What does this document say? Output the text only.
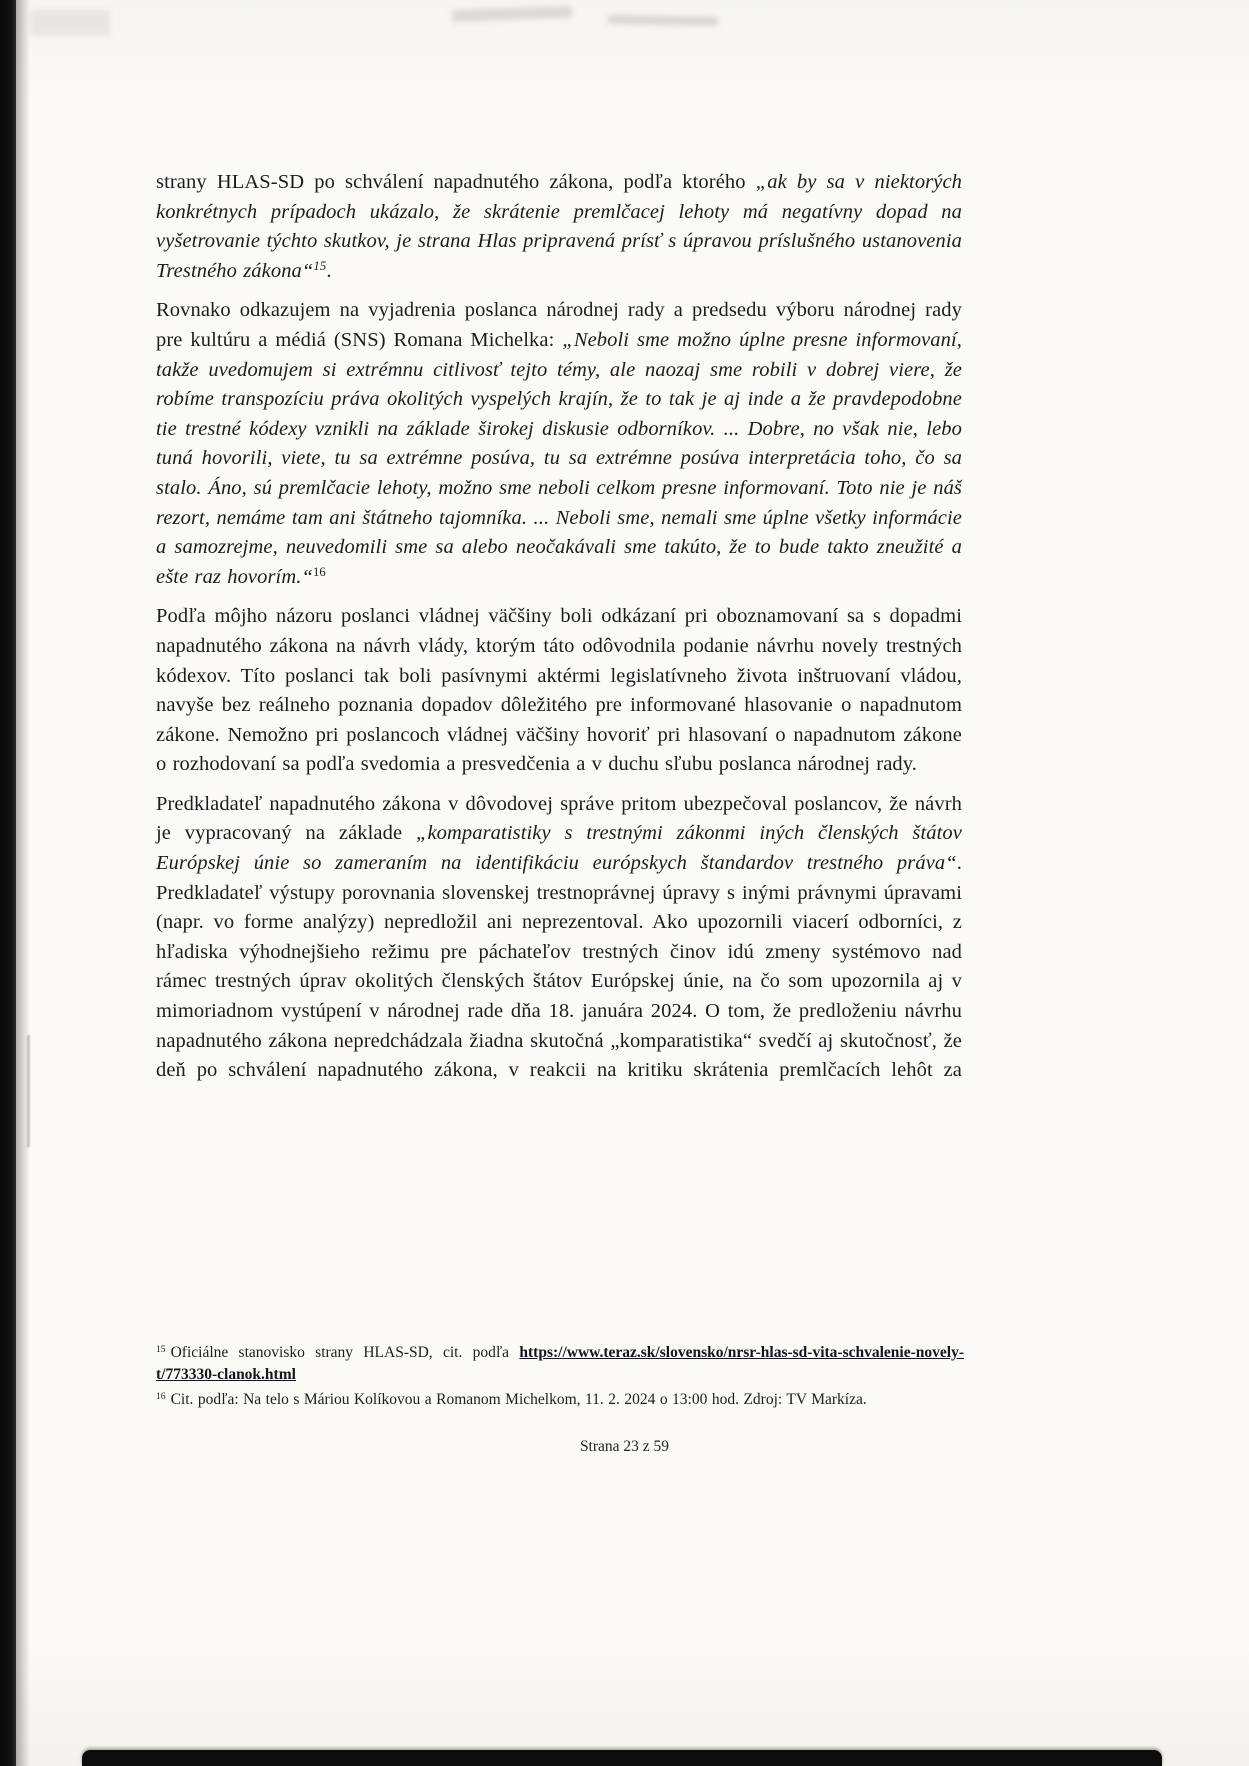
strany HLAS-SD po schválení napadnutého zákona, podľa ktorého „ak by sa v niektorých konkrétnych prípadoch ukázalo, že skrátenie premlčacej lehoty má negatívny dopad na vyšetrovanie týchto skutkov, je strana Hlas pripravená prísť s úpravou príslušného ustanovenia Trestného zákona“$^{15}$.

Rovnako odkazujem na vyjadrenia poslanca národnej rady a predsedu výboru národnej rady pre kultúru a médiá (SNS) Romana Michelka: „Neboli sme možno úplne presne informovaní, takže uvedomujem si extrémnu citlivosť tejto témy, ale naozaj sme robili v dobrej viere, že robíme transpozíciu práva okolitých vyspelých krajín, že to tak je aj inde a že pravdepodobne tie trestné kódexy vznikli na základe širokej diskusie odborníkov. ... Dobre, no však nie, lebo tuná hovorili, viete, tu sa extrémne posúva, tu sa extrémne posúva interpretácia toho, čo sa stalo. Áno, sú premlčacie lehoty, možno sme neboli celkom presne informovaní. Toto nie je náš rezort, nemáme tam ani štátneho tajomníka. ... Neboli sme, nemali sme úplne všetky informácie a samozrejme, neuvedomili sme sa alebo neočakávali sme takúto, že to bude takto zneužité a ešte raz hovorím.“$^{16}$

Podľa môjho názoru poslanci vládnej väčšiny boli odkázaní pri oboznamovaní sa s dopadmi napadnutého zákona na návrh vlády, ktorým táto odôvodnila podanie návrhu novely trestných kódexov. Títo poslanci tak boli pasívnymi aktérmi legislatívneho života inštruovaní vládou, navyše bez reálneho poznania dopadov dôležitého pre informované hlasovanie o napadnutom zákone. Nemožno pri poslancoch vládnej väčšiny hovoriť pri hlasovaní o napadnutom zákone o rozhodovaní sa podľa svedomia a presvedčenia a v duchu sľubu poslanca národnej rady.

Predkladateľ napadnutého zákona v dôvodovej správe pritom ubezpečoval poslancov, že návrh je vypracovaný na základe „komparatistiky s trestnými zákonmi iných členských štátov Európskej únie so zameraním na identifikáciu európskych štandardov trestného práva“. Predkladateľ výstupy porovnania slovenskej trestnoprávnej úpravy s inými právnymi úpravami (napr. vo forme analýzy) nepredložil ani neprezentoval. Ako upozornili viacerí odborníci, z hľadiska výhodnejšieho režimu pre páchateľov trestných činov idú zmeny systémovo nad rámec trestných úprav okolitých členských štátov Európskej únie, na čo som upozornila aj v mimoriadnom vystúpení v národnej rade dňa 18. januára 2024. O tom, že predloženiu návrhu napadnutého zákona nepredchádzala žiadna skutočná „komparatistika“ svedčí aj skutočnosť, že deň po schválení napadnutého zákona, v reakcii na kritiku skrátenia premlčacích lehôt za

$^{15}$ Oficiálne stanovisko strany HLAS-SD, cit. podľa https://www.teraz.sk/slovensko/nrsr-hlas-sd-vita-schvalenie-novely-t/773330-clanok.html

$^{16}$ Cit. podľa: Na telo s Máriou Kolíkovou a Romanom Michelkom, 11. 2. 2024 o 13:00 hod. Zdroj: TV Markíza.

Strana 23 z 59
